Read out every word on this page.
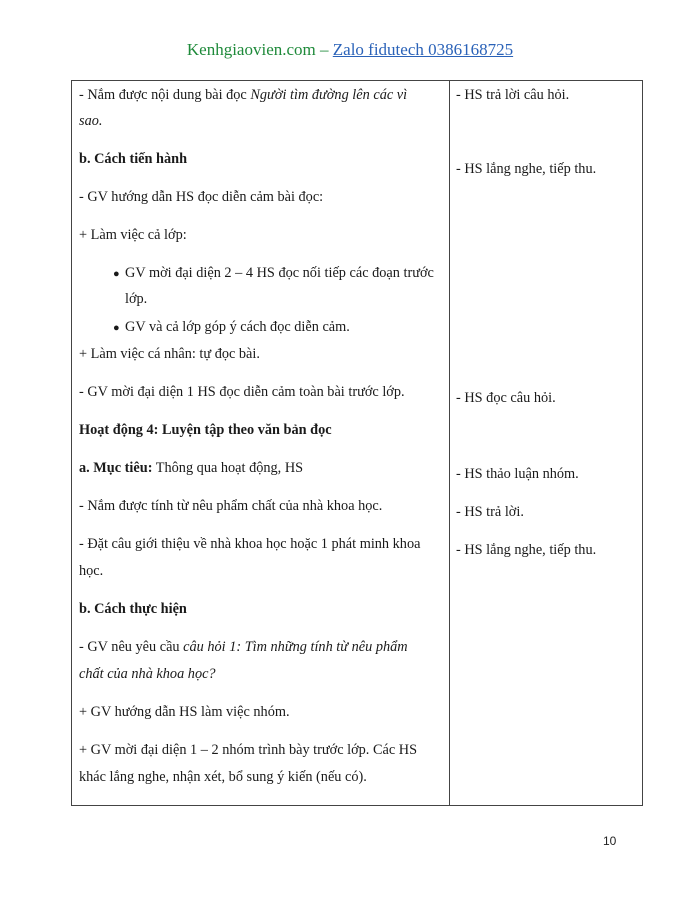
Kenhgiaovien.com – Zalo fidutech 0386168725
- Nắm được nội dung bài đọc Người tìm đường lên các vì
sao.
b. Cách tiến hành
- GV hướng dẫn HS đọc diễn cảm bài đọc:
+ Làm việc cả lớp:
● GV mời đại diện 2 – 4 HS đọc nối tiếp các đoạn trước
lớp.
● GV và cả lớp góp ý cách đọc diễn cảm.
+ Làm việc cá nhân: tự đọc bài.
- GV mời đại diện 1 HS đọc diễn cảm toàn bài trước lớp.
Hoạt động 4: Luyện tập theo văn bản đọc
a. Mục tiêu: Thông qua hoạt động, HS
- Nắm được tính từ nêu phẩm chất của nhà khoa học.
- Đặt câu giới thiệu về nhà khoa học hoặc 1 phát minh khoa
học.
b. Cách thực hiện
- GV nêu yêu cầu câu hỏi 1: Tìm những tính từ nêu phẩm
chất của nhà khoa học?
+ GV hướng dẫn HS làm việc nhóm.
+ GV mời đại diện 1 – 2 nhóm trình bày trước lớp. Các HS
khác lắng nghe, nhận xét, bổ sung ý kiến (nếu có).
- HS trả lời câu hỏi.
- HS lắng nghe, tiếp thu.
- HS đọc câu hỏi.
- HS thảo luận nhóm.
- HS trả lời.
- HS lắng nghe, tiếp thu.
10
